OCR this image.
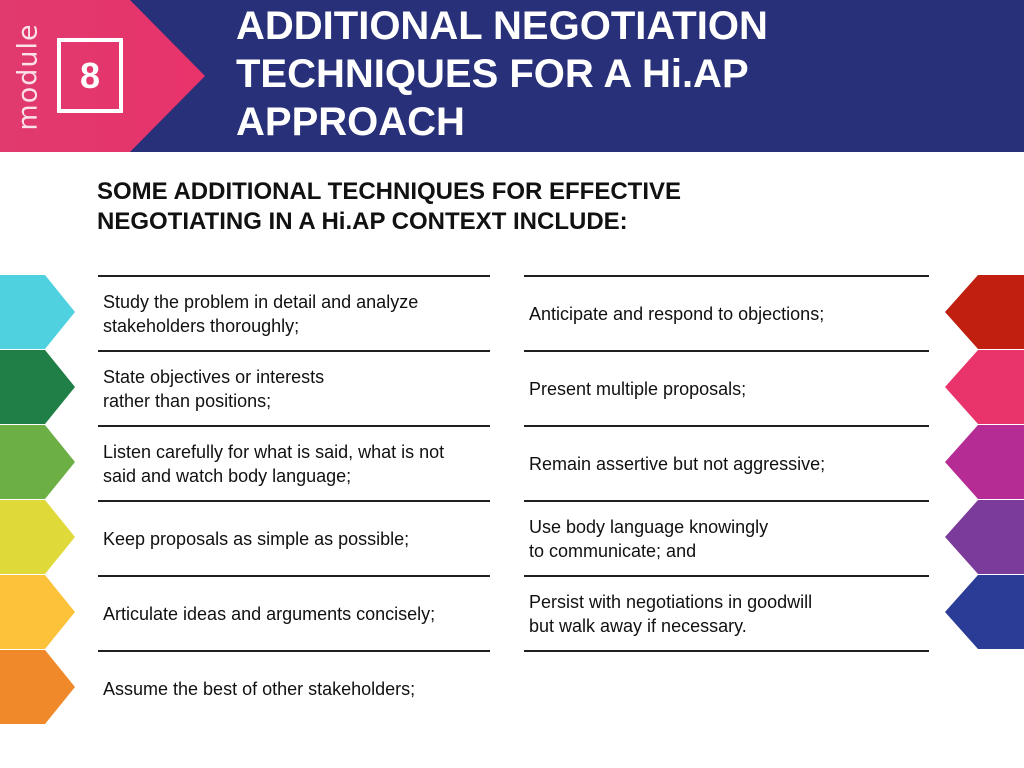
module 8
ADDITIONAL NEGOTIATION
TECHNIQUES FOR A Hi.AP
APPROACH
SOME ADDITIONAL TECHNIQUES FOR EFFECTIVE
NEGOTIATING IN A Hi.AP CONTEXT INCLUDE:
Study the problem in detail and analyze
stakeholders thoroughly;
State objectives or interests
rather than positions;
Listen carefully for what is said, what is not
said and watch body language;
Keep proposals as simple as possible;
Articulate ideas and arguments concisely;
Assume the best of other stakeholders;
Anticipate and respond to objections;
Present multiple proposals;
Remain assertive but not aggressive;
Use body language knowingly
to communicate; and
Persist with negotiations in goodwill
but walk away if necessary.
